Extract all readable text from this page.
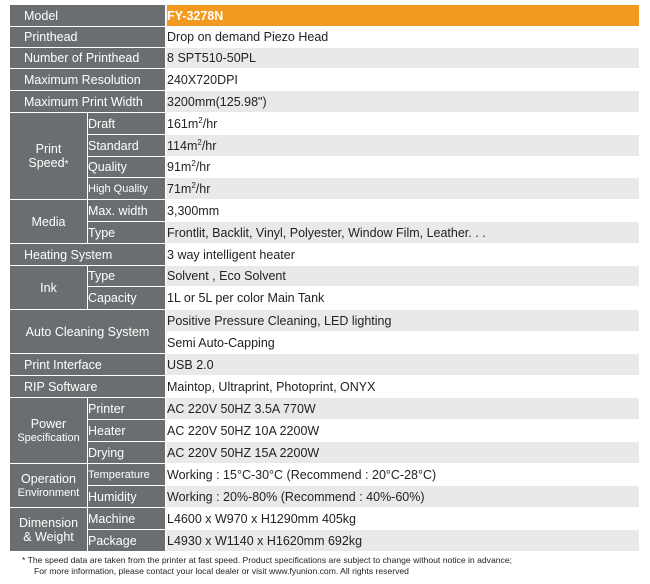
Model		FY-3278N
Printhead		Drop on demand Piezo Head
Number of Printhead		8 SPT510-50PL
Maximum Resolution		240X720DPI
Maximum Print Width		3200mm(125.98")

Print
Speed*	Draft	$161m^2/hr$
	Standard	$114m^2/hr$
	Quality	$91m^2/hr$
	High Quality	$71m^2/hr$
Media	Max. width	3,300mm
	Type	Frontlit, Backlit, Vinyl, Polyester, Window Film, Leather. . .
Heating System		3 way intelligent heater
Ink	Type	Solvent , Eco Solvent
	Capacity	1L or 5L per color Main Tank
Auto Cleaning System		Positive Pressure Cleaning, LED lighting
		Semi Auto-Capping
Print Interface		USB 2.0
RIP Software		Maintop, Ultraprint, Photoprint, ONYX

Power
Specification	Printer	AC 220V 50HZ 3.5A 770W
	Heater	AC 220V 50HZ 10A 2200W
	Drying	AC 220V 50HZ 15A 2200W

Operation
Environment	Temperature	Working : 15°C-30°C (Recommend : 20°C-28°C)
	Humidity	Working : 20%-80% (Recommend : 40%-60%)

Dimension
& Weight	Machine	L4600 x W970 x H1290mm 405kg
	Package	L4930 x W1140 x H1620mm 692kg
* The speed data are taken from the printer at fast speed. Product specifications are subject to change without notice in advance;
For more information, please contact your local dealer or visit www.fyunion.com. All rights reserved
